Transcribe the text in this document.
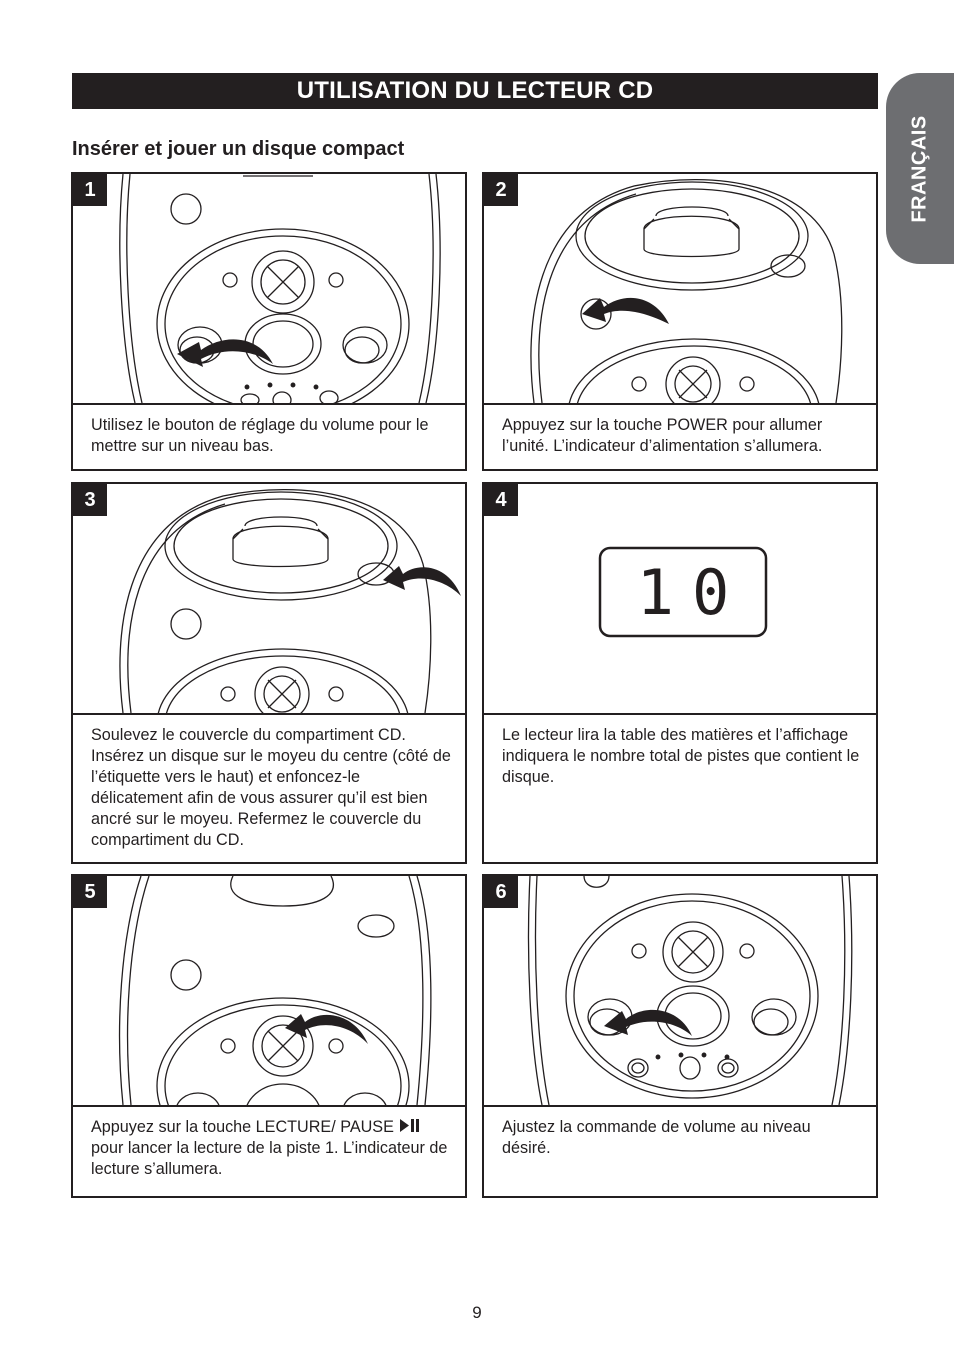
UTILISATION DU LECTEUR CD
FRANÇAIS
Insérer et jouer un disque compact
1
Utilisez le bouton de réglage du volume pour le mettre sur un niveau bas.
2
Appuyez sur la touche POWER pour allumer l’unité. L’indicateur d’alimentation s’allumera.
3
Soulevez le couvercle du compartiment CD. Insérez un disque sur le moyeu du centre (côté de l’étiquette vers le haut) et enfoncez-le délicatement afin de vous assurer qu’il est bien ancré sur le moyeu. Refermez le couvercle du compartiment du CD.
10
4
Le lecteur lira la table des matières et l’affichage indiquera le nombre total de pistes que contient le disque.
5
Appuyez sur la touche LECTURE/ PAUSE  pour lancer la lecture de la piste 1. L’indicateur de lecture s’allumera.
6
Ajustez la commande de volume au niveau désiré.
9
